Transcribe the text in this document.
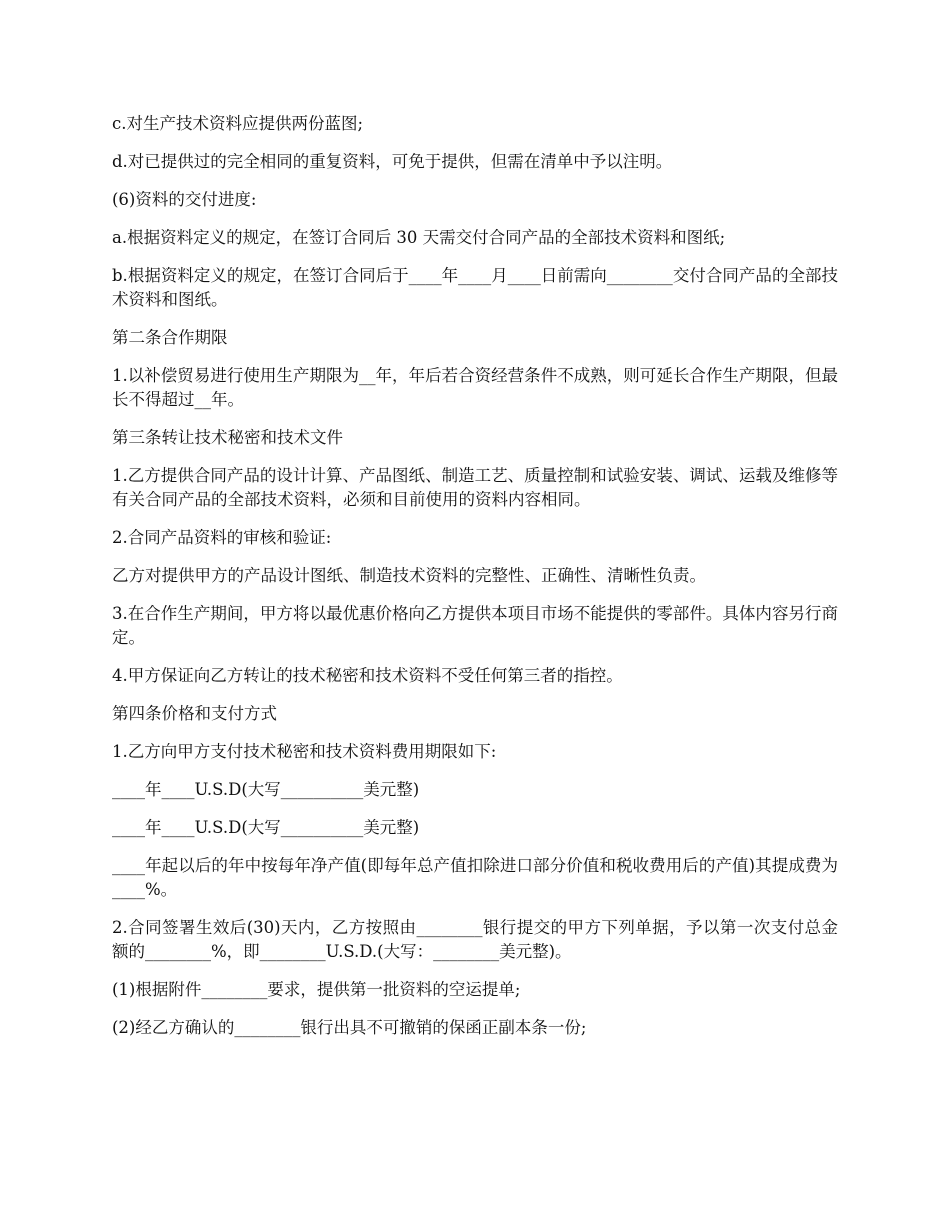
c.对生产技术资料应提供两份蓝图;

d.对已提供过的完全相同的重复资料，可免于提供，但需在清单中予以注明。

(6)资料的交付进度:

a.根据资料定义的规定，在签订合同后 30 天需交付合同产品的全部技术资料和图纸;

b.根据资料定义的规定，在签订合同后于____年____月____日前需向________交付合同产品的全部技术资料和图纸。

第二条合作期限

1.以补偿贸易进行使用生产期限为__年，年后若合资经营条件不成熟，则可延长合作生产期限，但最长不得超过__年。

第三条转让技术秘密和技术文件

1.乙方提供合同产品的设计计算、产品图纸、制造工艺、质量控制和试验安装、调试、运载及维修等有关合同产品的全部技术资料，必须和目前使用的资料内容相同。

2.合同产品资料的审核和验证:

乙方对提供甲方的产品设计图纸、制造技术资料的完整性、正确性、清晰性负责。

3.在合作生产期间，甲方将以最优惠价格向乙方提供本项目市场不能提供的零部件。具体内容另行商定。

4.甲方保证向乙方转让的技术秘密和技术资料不受任何第三者的指控。

第四条价格和支付方式

1.乙方向甲方支付技术秘密和技术资料费用期限如下:

____年____U.S.D(大写__________美元整)

____年____U.S.D(大写__________美元整)

____年起以后的年中按每年净产值(即每年总产值扣除进口部分价值和税收费用后的产值)其提成费为____%。

2.合同签署生效后(30)天内，乙方按照由________银行提交的甲方下列单据，予以第一次支付总金额的________%，即________U.S.D.(大写：________美元整)。

(1)根据附件________要求，提供第一批资料的空运提单;

(2)经乙方确认的________银行出具不可撤销的保函正副本条一份;
